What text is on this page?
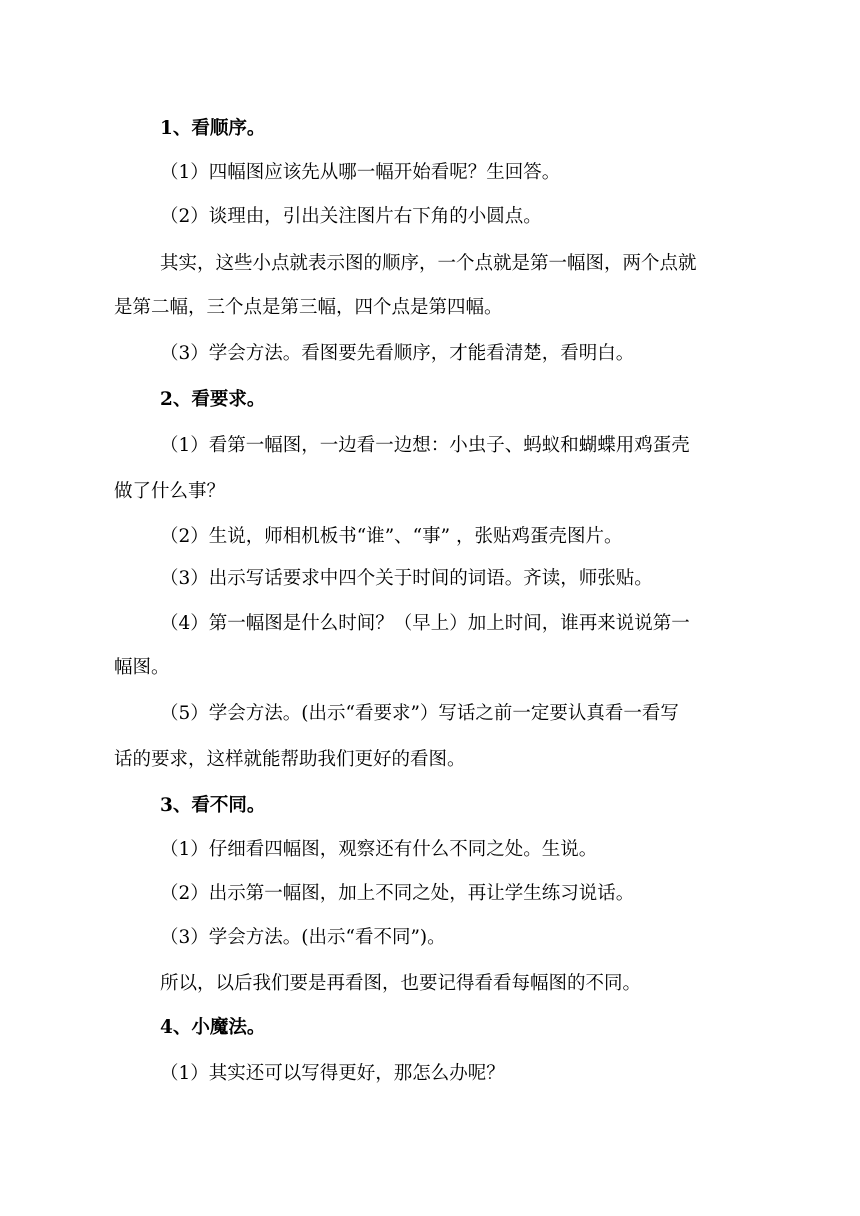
1、看顺序。
（1）四幅图应该先从哪一幅开始看呢？生回答。
（2）谈理由，引出关注图片右下角的小圆点。
其实，这些小点就表示图的顺序，一个点就是第一幅图，两个点就
是第二幅，三个点是第三幅，四个点是第四幅。
（3）学会方法。看图要先看顺序，才能看清楚，看明白。
2、看要求。
（1）看第一幅图，一边看一边想：小虫子、蚂蚁和蝴蝶用鸡蛋壳
做了什么事？
（2）生说，师相机板书“谁”、“事” ，张贴鸡蛋壳图片。
（3）出示写话要求中四个关于时间的词语。齐读，师张贴。
（4）第一幅图是什么时间？（早上）加上时间，谁再来说说第一
幅图。
（5）学会方法。(出示“看要求”）写话之前一定要认真看一看写
话的要求，这样就能帮助我们更好的看图。
3、看不同。
（1）仔细看四幅图，观察还有什么不同之处。生说。
（2）出示第一幅图，加上不同之处，再让学生练习说话。
（3）学会方法。(出示“看不同”)。
所以，以后我们要是再看图，也要记得看看每幅图的不同。
4、小魔法。
（1）其实还可以写得更好，那怎么办呢？
